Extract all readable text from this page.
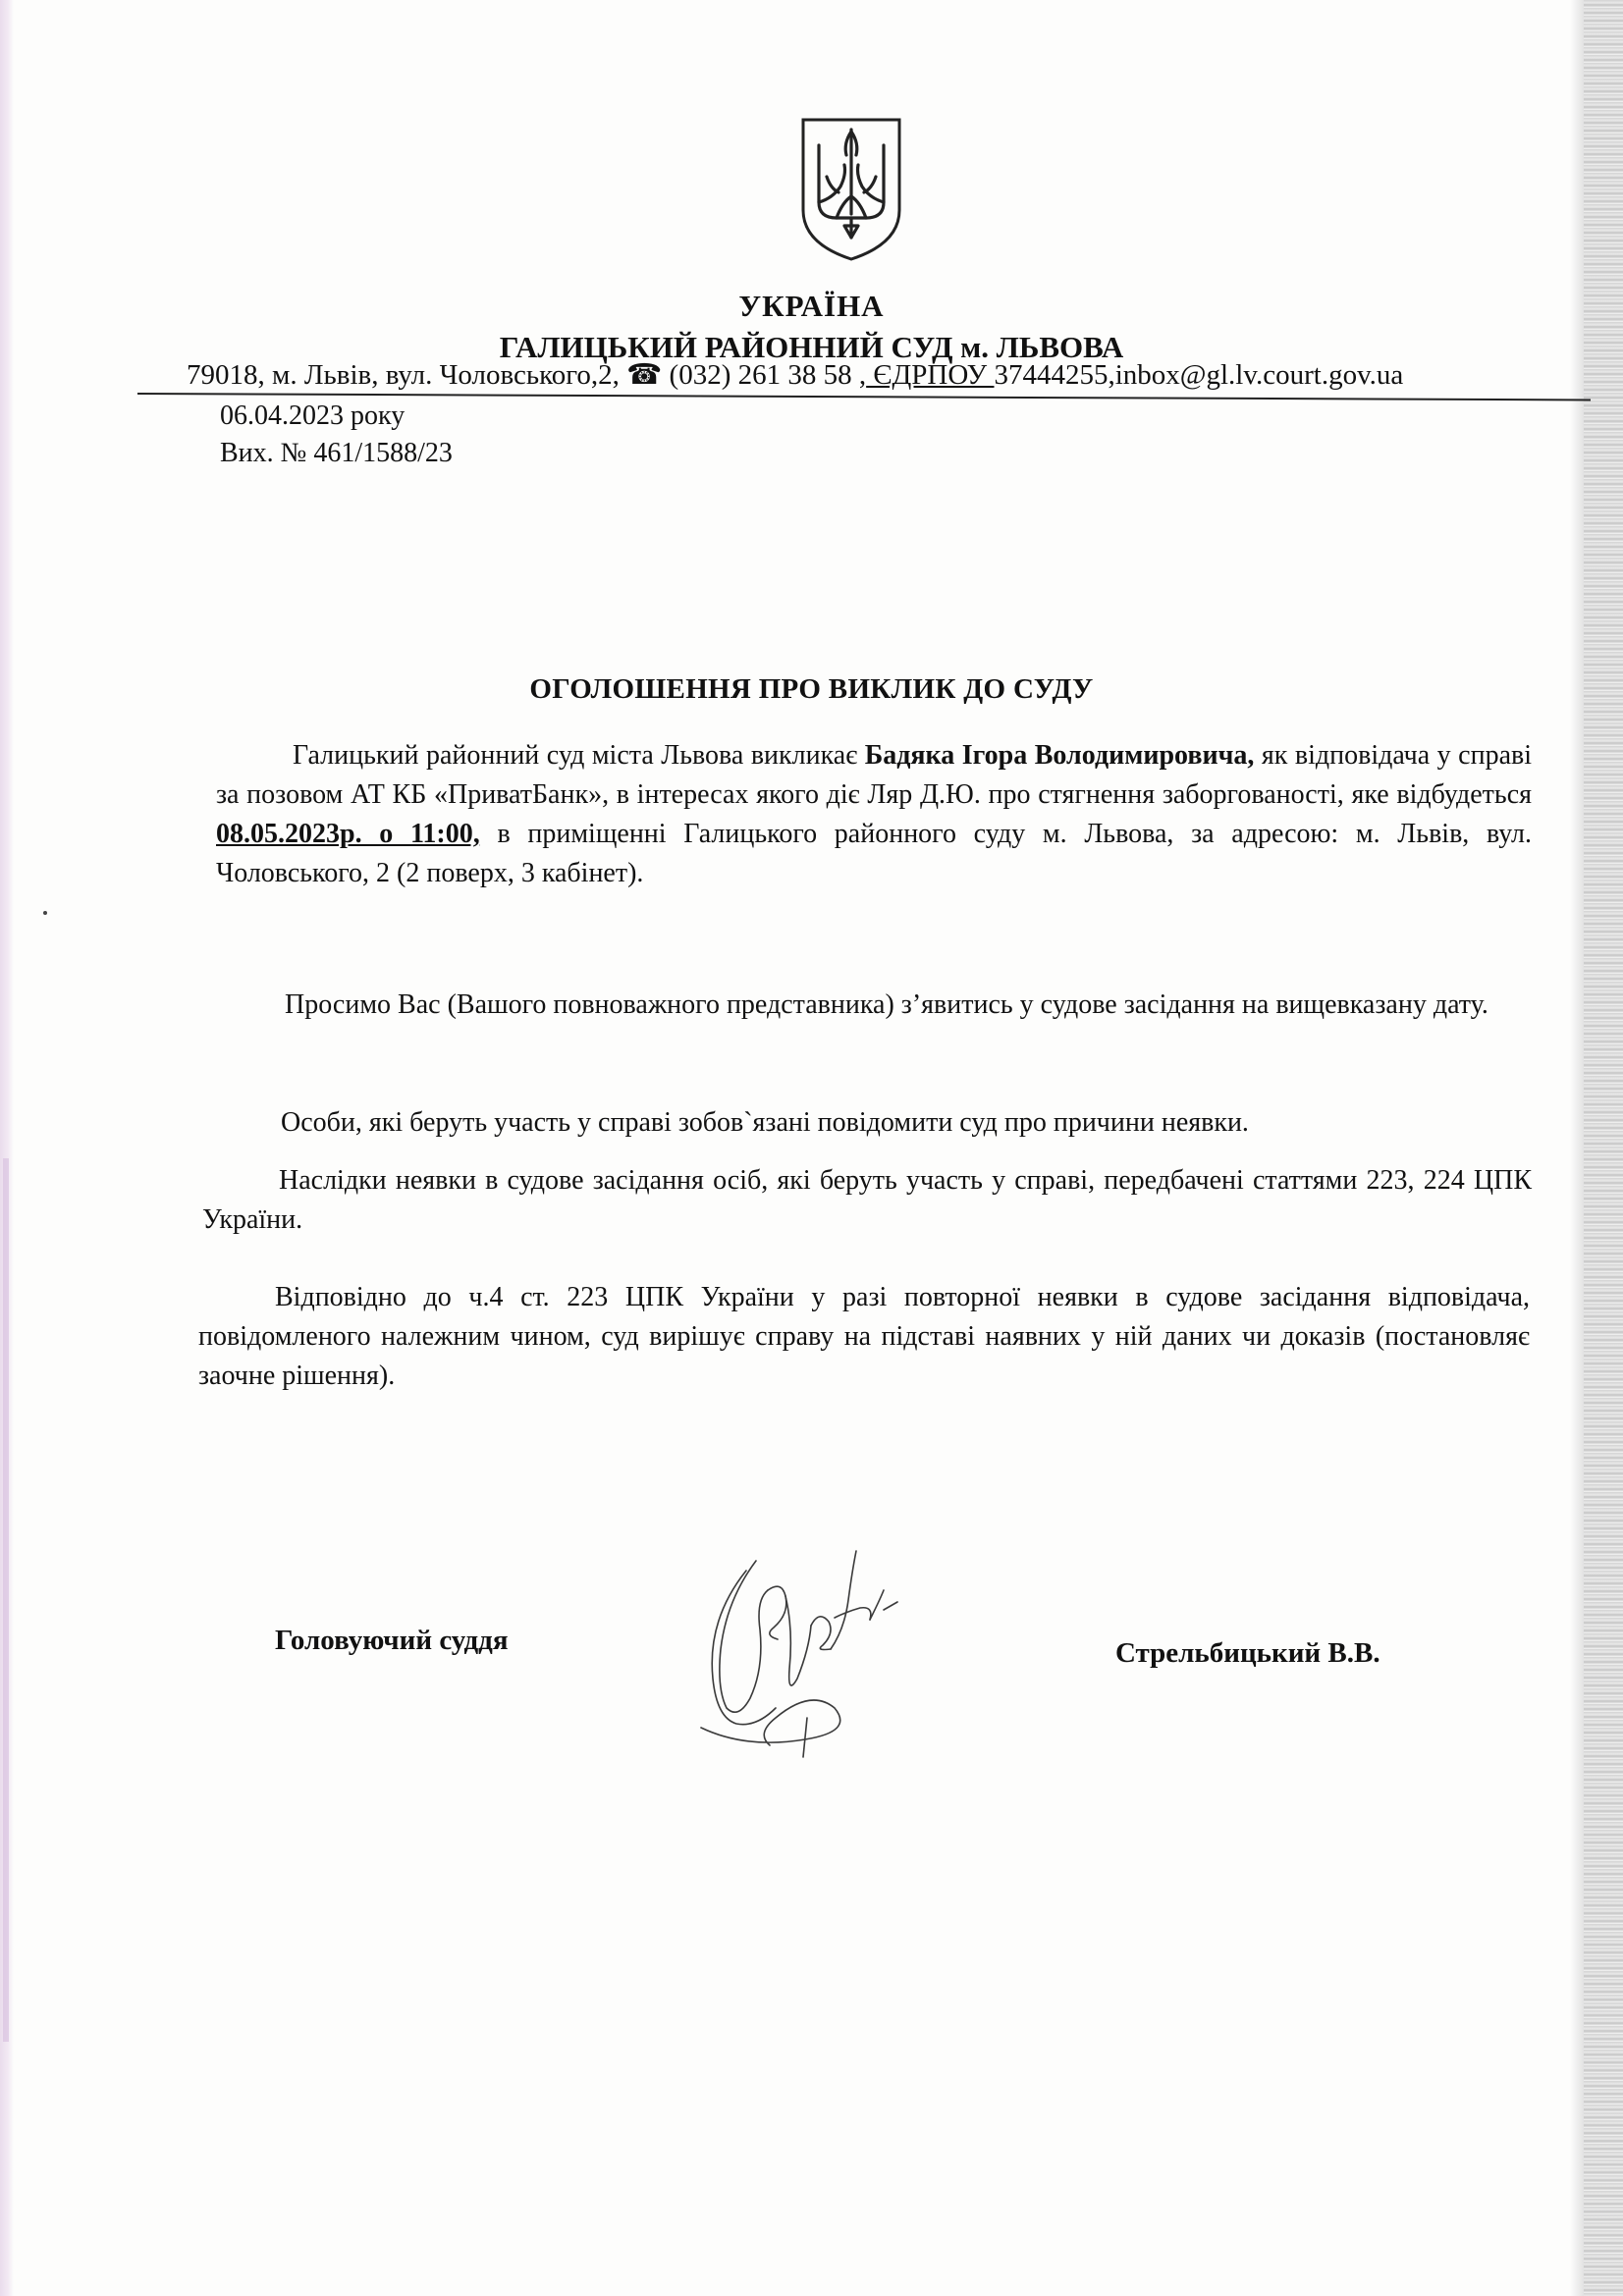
УКРАЇНА
ГАЛИЦЬКИЙ РАЙОННИЙ СУД м. ЛЬВОВА
79018, м. Львів, вул. Чоловського,2, ☎ (032) 261 38 58 , ЄДРПОУ 37444255,inbox@gl.lv.court.gov.ua
06.04.2023 року
Вих. № 461/1588/23
ОГОЛОШЕННЯ ПРО ВИКЛИК ДО СУДУ
Галицький районний суд міста Львова викликає Бадяка Ігора Володимировича, як відповідача у справі за позовом АТ КБ «ПриватБанк», в інтересах якого діє Ляр Д.Ю. про стягнення заборгованості, яке відбудеться 08.05.2023р. о 11:00, в приміщенні Галицького районного суду м. Львова, за адресою: м. Львів, вул. Чоловського, 2 (2 поверх, 3 кабінет).
Просимо Вас (Вашого повноважного представника) з’явитись у судове засідання на вищевказану дату.
Особи, які беруть участь у справі зобов`язані повідомити суд про причини неявки.
Наслідки неявки в судове засідання осіб, які беруть участь у справі, передбачені статтями 223, 224 ЦПК України.
Відповідно до ч.4 ст. 223 ЦПК України у разі повторної неявки в судове засідання відповідача, повідомленого належним чином, суд вирішує справу на підставі наявних у ній даних чи доказів (постановляє заочне рішення).
Головуючий суддя	Стрельбицький В.В.
